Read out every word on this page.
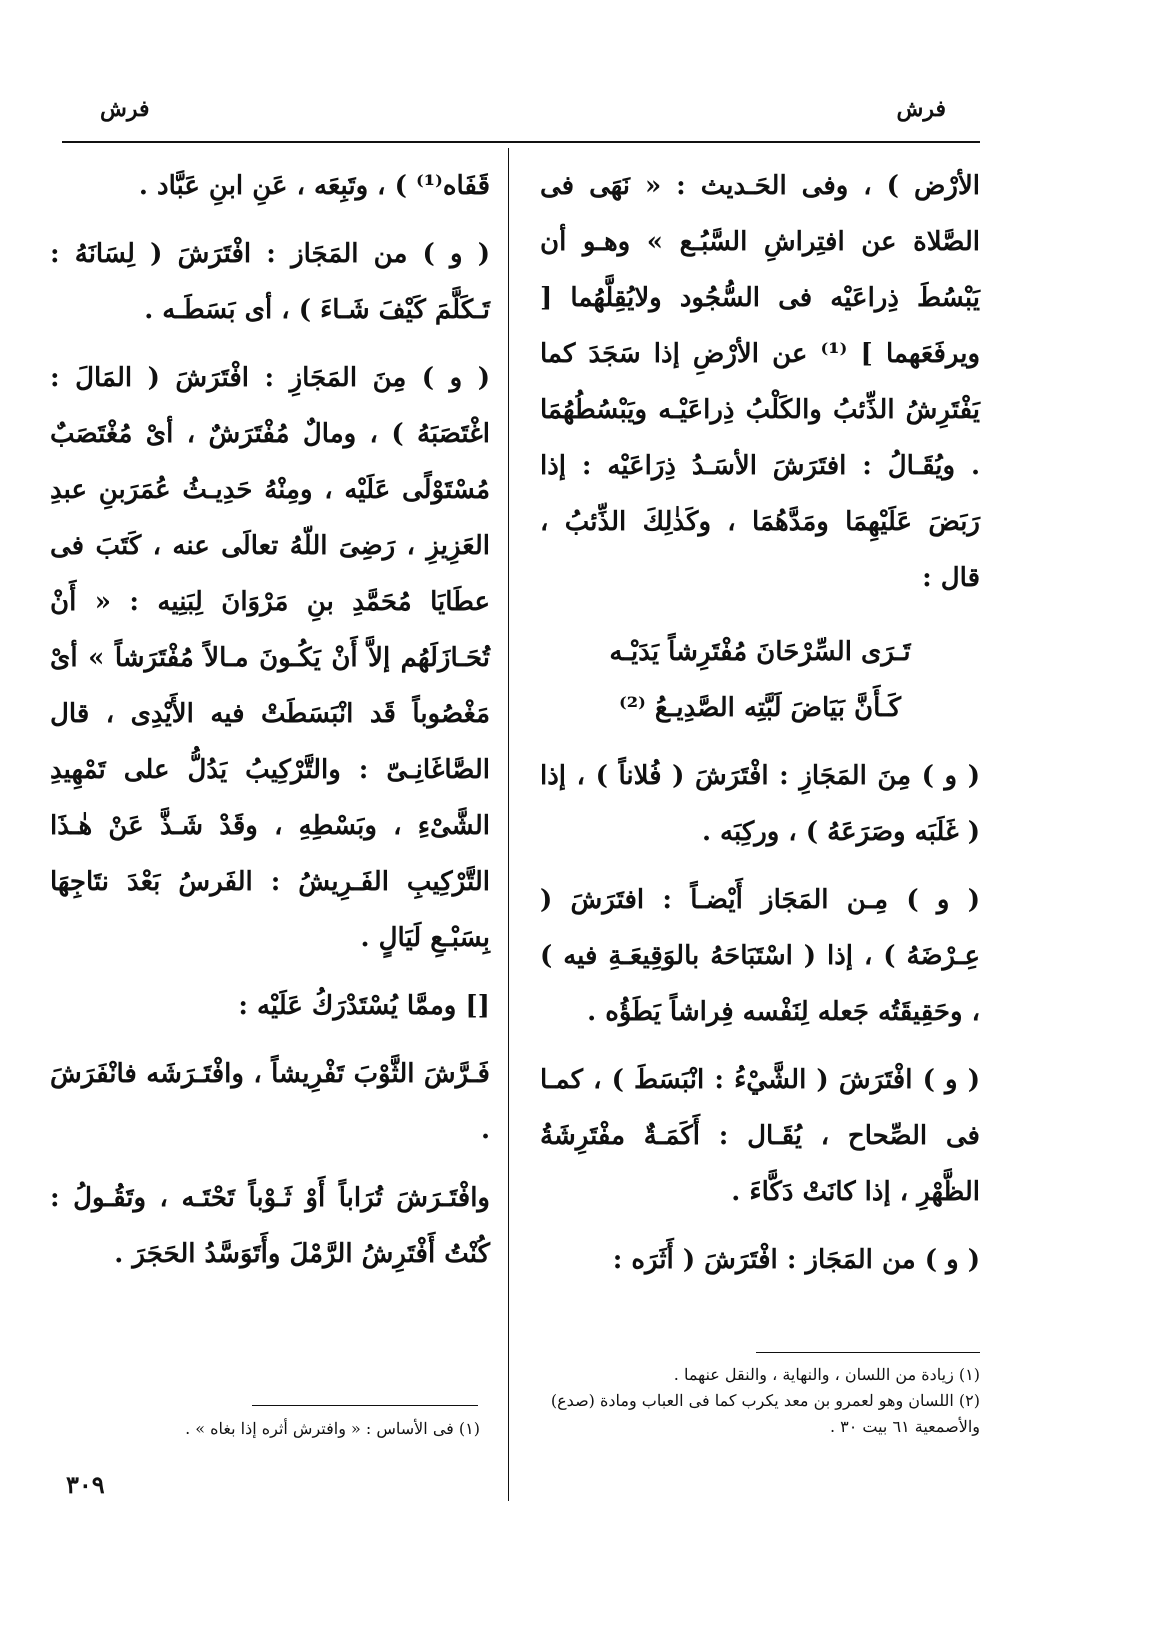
فرش
فرش

الأرْض ) ، وفى الحَـديث : « نَهَى فى الصَّلاة عن افتِراشِ السَّبُـع » وهـو أن يَبْسُطَ ذِراعَيْه فى السُّجُود ولايُقِلَّهُما [ ويرفَعَهما ] ⁽¹⁾ عن الأرْضِ إذا سَجَدَ كما يَفْتَرِشُ الذِّئبُ والكَلْبُ ذِراعَيْـه ويَبْسُطُهُمَا . ويُقَـالُ : افتَرَشَ الأسَـدُ ذِرَاعَيْه : إذا رَبَضَ عَلَيْهِمَا ومَدَّهُمَا ، وكَذٰلِكَ الذِّئبُ ، قال :

تَـرَى السِّرْحَانَ مُفْتَرِشاً يَدَيْـه
كَـأَنَّ بَيَاضَ لَبَّتِه الصَّدِيـعُ ⁽²⁾

( و ) مِنَ المَجَازِ : افْتَرَشَ ( فُلاناً ) ، إذا ( غَلَبَه وصَرَعَهُ ) ، وركِبَه .

( و ) مِـن المَجَاز أَيْضـاً : افتَرَشَ ( عِـرْضَهُ ) ، إذا ( اسْتَبَاحَهُ بالوَقِيعَـةِ فيه ) ، وحَقِيقَتُه جَعله لِنَفْسه فِراشاً يَطَؤُه .

( و ) افْتَرَشَ ( الشَّيْءُ : انْبَسَطَ ) ، كمـا فى الصِّحاح ، يُقَـال : أَكَمَـةٌ مفْتَرِشَةُ الظَّهْرِ ، إذا كانَتْ دَكَّاءَ .

( و ) من المَجَاز : افْتَرَشَ ( أَثَرَه :

قَفَاه⁽¹⁾ ) ، وتَبِعَه ، عَنِ ابنِ عَبَّاد .

( و ) من المَجَاز : افْتَرَشَ ( لِسَانَهُ : تَـكَلَّمَ كَيْفَ شَـاءَ ) ، أى بَسَطَـه .

( و ) مِنَ المَجَازِ : افْتَرَشَ ( المَالَ : اغْتَصَبَهُ ) ، ومالٌ مُفْتَرَشٌ ، أىْ مُغْتَصَبٌ مُسْتَوْلًى عَلَيْه ، ومِنْهُ حَدِيـثُ عُمَرَبنِ عبدِ العَزِيزِ ، رَضِىَ اللّهُ تعالَى عنه ، كَتَبَ فى عطَايَا مُحَمَّدِ بنِ مَرْوَانَ لِبَنِيه : « أَنْ تُحَـازَلَهُم إلاَّ أَنْ يَكُـونَ مـالاً مُفْتَرَشاً » أىْ مَغْصُوباً قَد انْبَسَطَتْ فيه الأَيْدِى ، قال الصَّاغَانِـىّ : والتَّرْكِيبُ يَدُلُّ على تَمْهِيدِ الشَّىْءِ ، وبَسْطِهِ ، وقَدْ شَـذَّ عَنْ هٰـذَا التَّرْكِيبِ الفَـرِيشُ : الفَرسُ بَعْدَ نتَاجِهَا بِسَبْـعِ لَيَالٍ .

[] وممَّا يُسْتَدْرَكُ عَلَيْه :

فَـرَّشَ الثَّوْبَ تَفْرِيشاً ، وافْتَـرَشَه فانْفَرَشَ .

وافْتَـرَشَ تُرَاباً أَوْ ثَـوْباً تَحْتَـه ، وتَقُـولُ : كُنْتُ أَفْتَرِشُ الرَّمْلَ وأَتَوَسَّدُ الحَجَرَ .

(١) زيادة من اللسان ، والنهاية ، والنقل عنهما .
(٢) اللسان وهو لعمرو بن معد يكرب كما فى العباب ومادة (صدع) والأصمعية ٦١ بيت ٣٠ .
(١) فى الأساس : « وافترش أثره إذا بغاه » .
٣٠٩
